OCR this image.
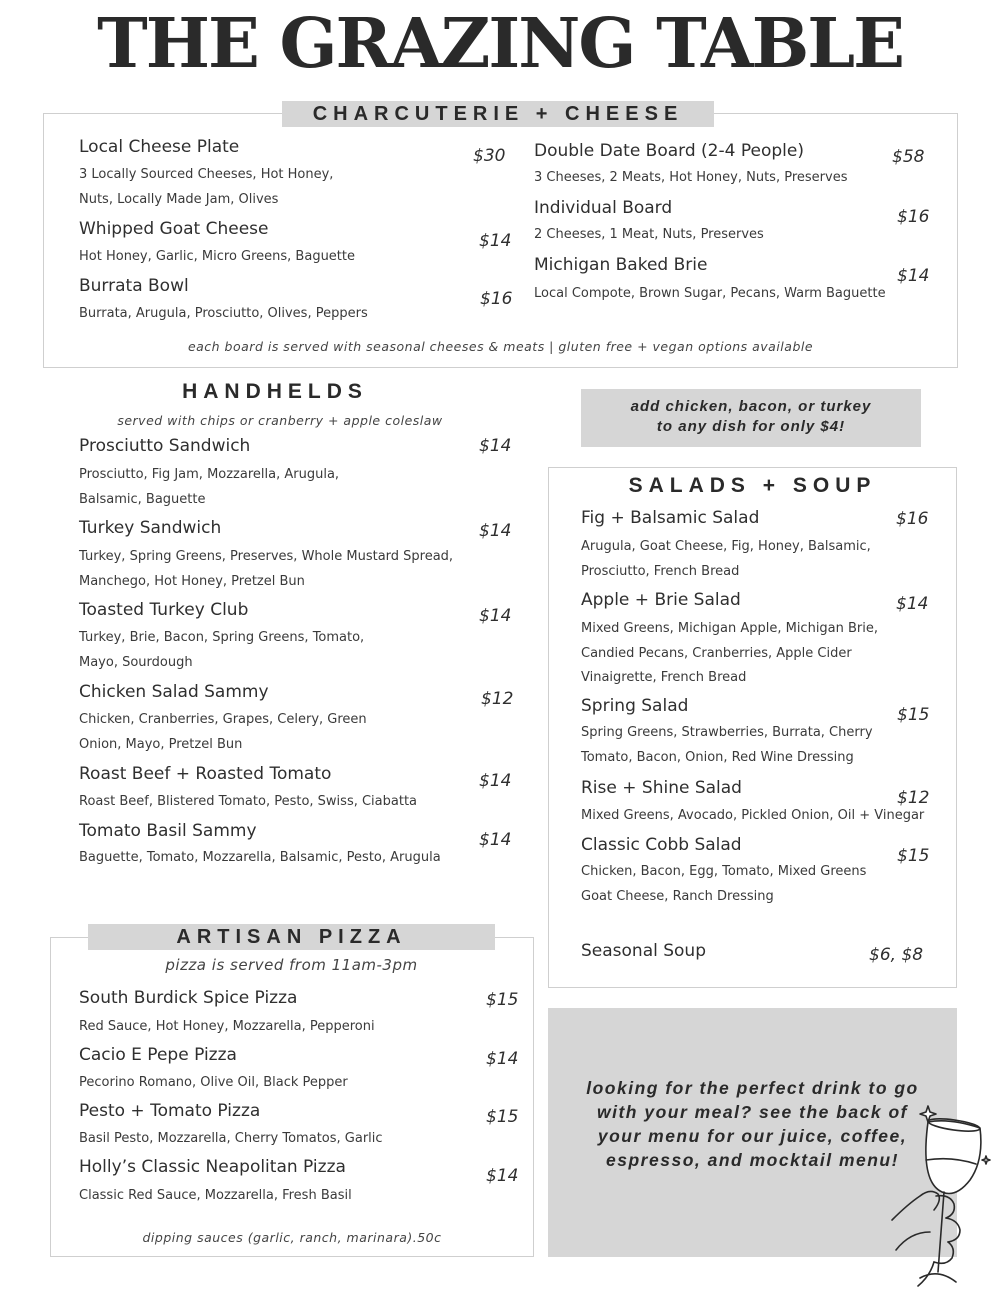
THE GRAZING TABLE
CHARCUTERIE + CHEESE
Local Cheese Plate	$30
3 Locally Sourced Cheeses, Hot Honey, Nuts, Locally Made Jam, Olives
Whipped Goat Cheese
$14
Hot Honey, Garlic, Micro Greens, Baguette
Burrata Bowl
$16
Burrata, Arugula, Prosciutto, Olives, Peppers
Double Date Board (2-4 People)	$58
3 Cheeses, 2 Meats, Hot Honey, Nuts, Preserves
Individual Board	$16
2 Cheeses, 1 Meat, Nuts, Preserves
Michigan Baked Brie
$14
Local Compote, Brown Sugar, Pecans, Warm Baguette
each board is served with seasonal cheeses & meats | gluten free + vegan options available
HANDHELDS
served with chips or cranberry + apple coleslaw
Prosciutto Sandwich	$14
Prosciutto, Fig Jam, Mozzarella, Arugula, Balsamic, Baguette
Turkey Sandwich	$14
Turkey, Spring Greens, Preserves, Whole Mustard Spread, Manchego, Hot Honey, Pretzel Bun
Toasted Turkey Club	$14
Turkey, Brie, Bacon, Spring Greens, Tomato, Mayo, Sourdough
Chicken Salad Sammy	$12
Chicken, Cranberries, Grapes, Celery, Green Onion, Mayo, Pretzel Bun
Roast Beef + Roasted Tomato	$14
Roast Beef, Blistered Tomato, Pesto, Swiss, Ciabatta
Tomato Basil Sammy	$14
Baguette, Tomato, Mozzarella, Balsamic, Pesto, Arugula
add chicken, bacon, or turkey
to any dish for only $4!
SALADS + SOUP
Fig + Balsamic Salad	$16
Arugula, Goat Cheese, Fig, Honey, Balsamic, Prosciutto, French Bread
Apple + Brie Salad	$14
Mixed Greens, Michigan Apple, Michigan Brie, Candied Pecans, Cranberries, Apple Cider Vinaigrette, French Bread
Spring Salad	$15
Spring Greens, Strawberries, Burrata, Cherry Tomato, Bacon, Onion, Red Wine Dressing
Rise + Shine Salad	$12
Mixed Greens, Avocado, Pickled Onion, Oil + Vinegar
Classic Cobb Salad
$15
Chicken, Bacon, Egg, Tomato, Mixed Greens Goat Cheese, Ranch Dressing
Seasonal Soup	$6, $8
ARTISAN PIZZA
pizza is served from 11am-3pm
South Burdick Spice Pizza	$15
Red Sauce, Hot Honey, Mozzarella, Pepperoni
Cacio E Pepe Pizza	$14
Pecorino Romano, Olive Oil, Black Pepper
Pesto + Tomato Pizza	$15
Basil Pesto, Mozzarella, Cherry Tomatos, Garlic
Holly’s Classic Neapolitan Pizza	$14
Classic Red Sauce, Mozzarella, Fresh Basil
dipping sauces (garlic, ranch, marinara).50c
looking for the perfect drink to go
with your meal? see the back of
your menu for our juice, coffee,
espresso, and mocktail menu!
